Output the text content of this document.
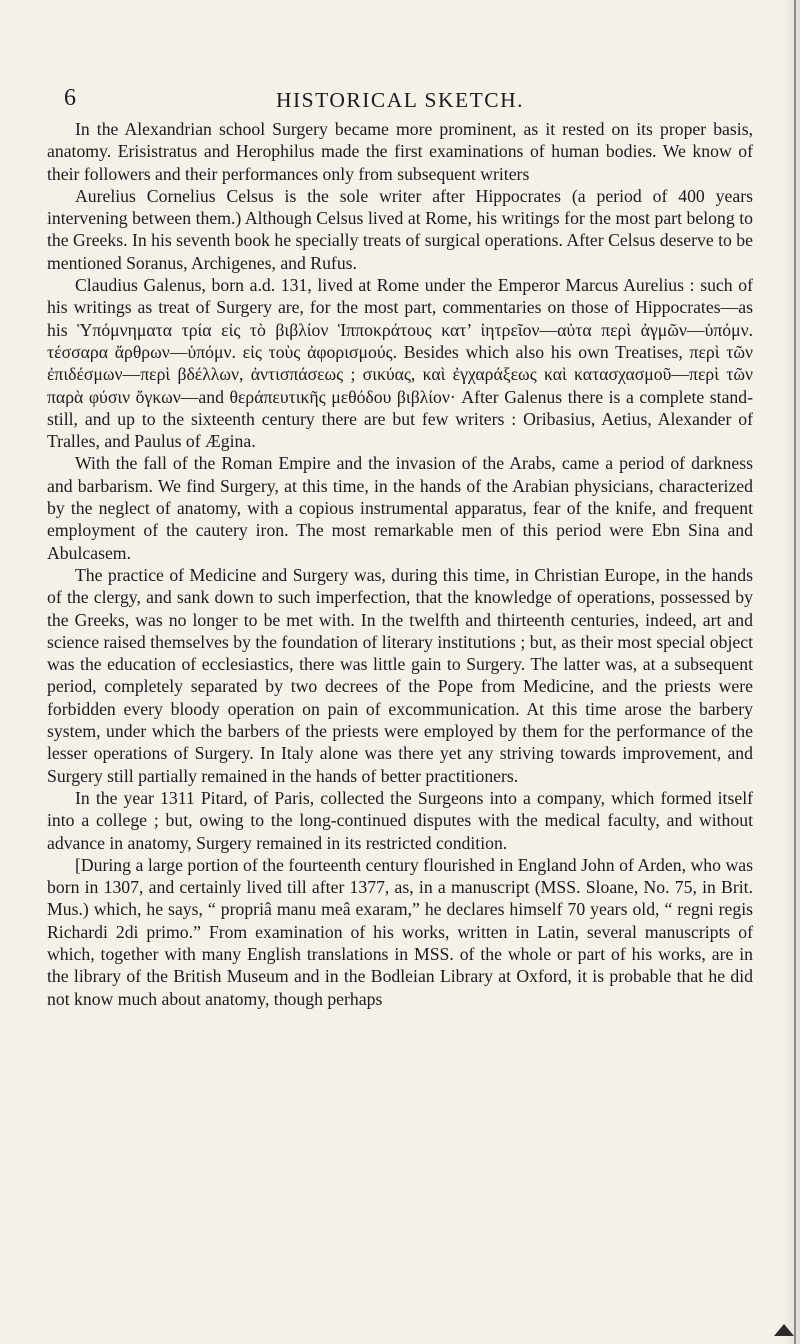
6	HISTORICAL SKETCH.

In the Alexandrian school Surgery became more prominent, as it rested on its proper basis, anatomy. Erisistratus and Herophilus made the first examinations of human bodies. We know of their followers and their performances only from subsequent writers

Aurelius Cornelius Celsus is the sole writer after Hippocrates (a period of 400 years intervening between them.) Although Celsus lived at Rome, his writings for the most part belong to the Greeks. In his seventh book he specially treats of surgical operations. After Celsus deserve to be mentioned Soranus, Archigenes, and Rufus.

Claudius Galenus, born a.d. 131, lived at Rome under the Emperor Marcus Aurelius : such of his writings as treat of Surgery are, for the most part, commentaries on those of Hippocrates—as his Ὑπόμνηματα τρία εἰς τὸ βιβλίον Ἱπποκράτους κατ’ ἰητρεῖον—αὐτα περὶ ἀγμῶν—ὑπόμν. τέσσαρα ἄρθρων—ὑπόμν. εἰς τοὺς ἀφορισμούς. Besides which also his own Treatises, περὶ τῶν ἐπιδέσμων—περὶ βδέλλων, ἀντισπάσεως ; σικύας, καὶ ἐγχαράξεως καὶ κατασχασμοῦ—περὶ τῶν παρὰ φύσιν ὄγκων—and θεράπευτικῆς μεθόδου βιβλίον· After Galenus there is a complete stand-still, and up to the sixteenth century there are but few writers : Oribasius, Aetius, Alexander of Tralles, and Paulus of Ægina.

With the fall of the Roman Empire and the invasion of the Arabs, came a period of darkness and barbarism. We find Surgery, at this time, in the hands of the Arabian physicians, characterized by the neglect of anatomy, with a copious instrumental apparatus, fear of the knife, and frequent employment of the cautery iron. The most remarkable men of this period were Ebn Sina and Abulcasem.

The practice of Medicine and Surgery was, during this time, in Christian Europe, in the hands of the clergy, and sank down to such imperfection, that the knowledge of operations, possessed by the Greeks, was no longer to be met with. In the twelfth and thirteenth centuries, indeed, art and science raised themselves by the foundation of literary institutions ; but, as their most special object was the education of ecclesiastics, there was little gain to Surgery. The latter was, at a subsequent period, completely separated by two decrees of the Pope from Medicine, and the priests were forbidden every bloody operation on pain of excommunication. At this time arose the barbery system, under which the barbers of the priests were employed by them for the performance of the lesser operations of Surgery. In Italy alone was there yet any striving towards improvement, and Surgery still partially remained in the hands of better practitioners.

In the year 1311 Pitard, of Paris, collected the Surgeons into a company, which formed itself into a college ; but, owing to the long-continued disputes with the medical faculty, and without advance in anatomy, Surgery remained in its restricted condition.

[During a large portion of the fourteenth century flourished in England John of Arden, who was born in 1307, and certainly lived till after 1377, as, in a manuscript (MSS. Sloane, No. 75, in Brit. Mus.) which, he says, “ propriâ manu meâ exaram,” he declares himself 70 years old, “ regni regis Richardi 2di primo.” From examination of his works, written in Latin, several manuscripts of which, together with many English translations in MSS. of the whole or part of his works, are in the library of the British Museum and in the Bodleian Library at Oxford, it is probable that he did not know much about anatomy, though perhaps
